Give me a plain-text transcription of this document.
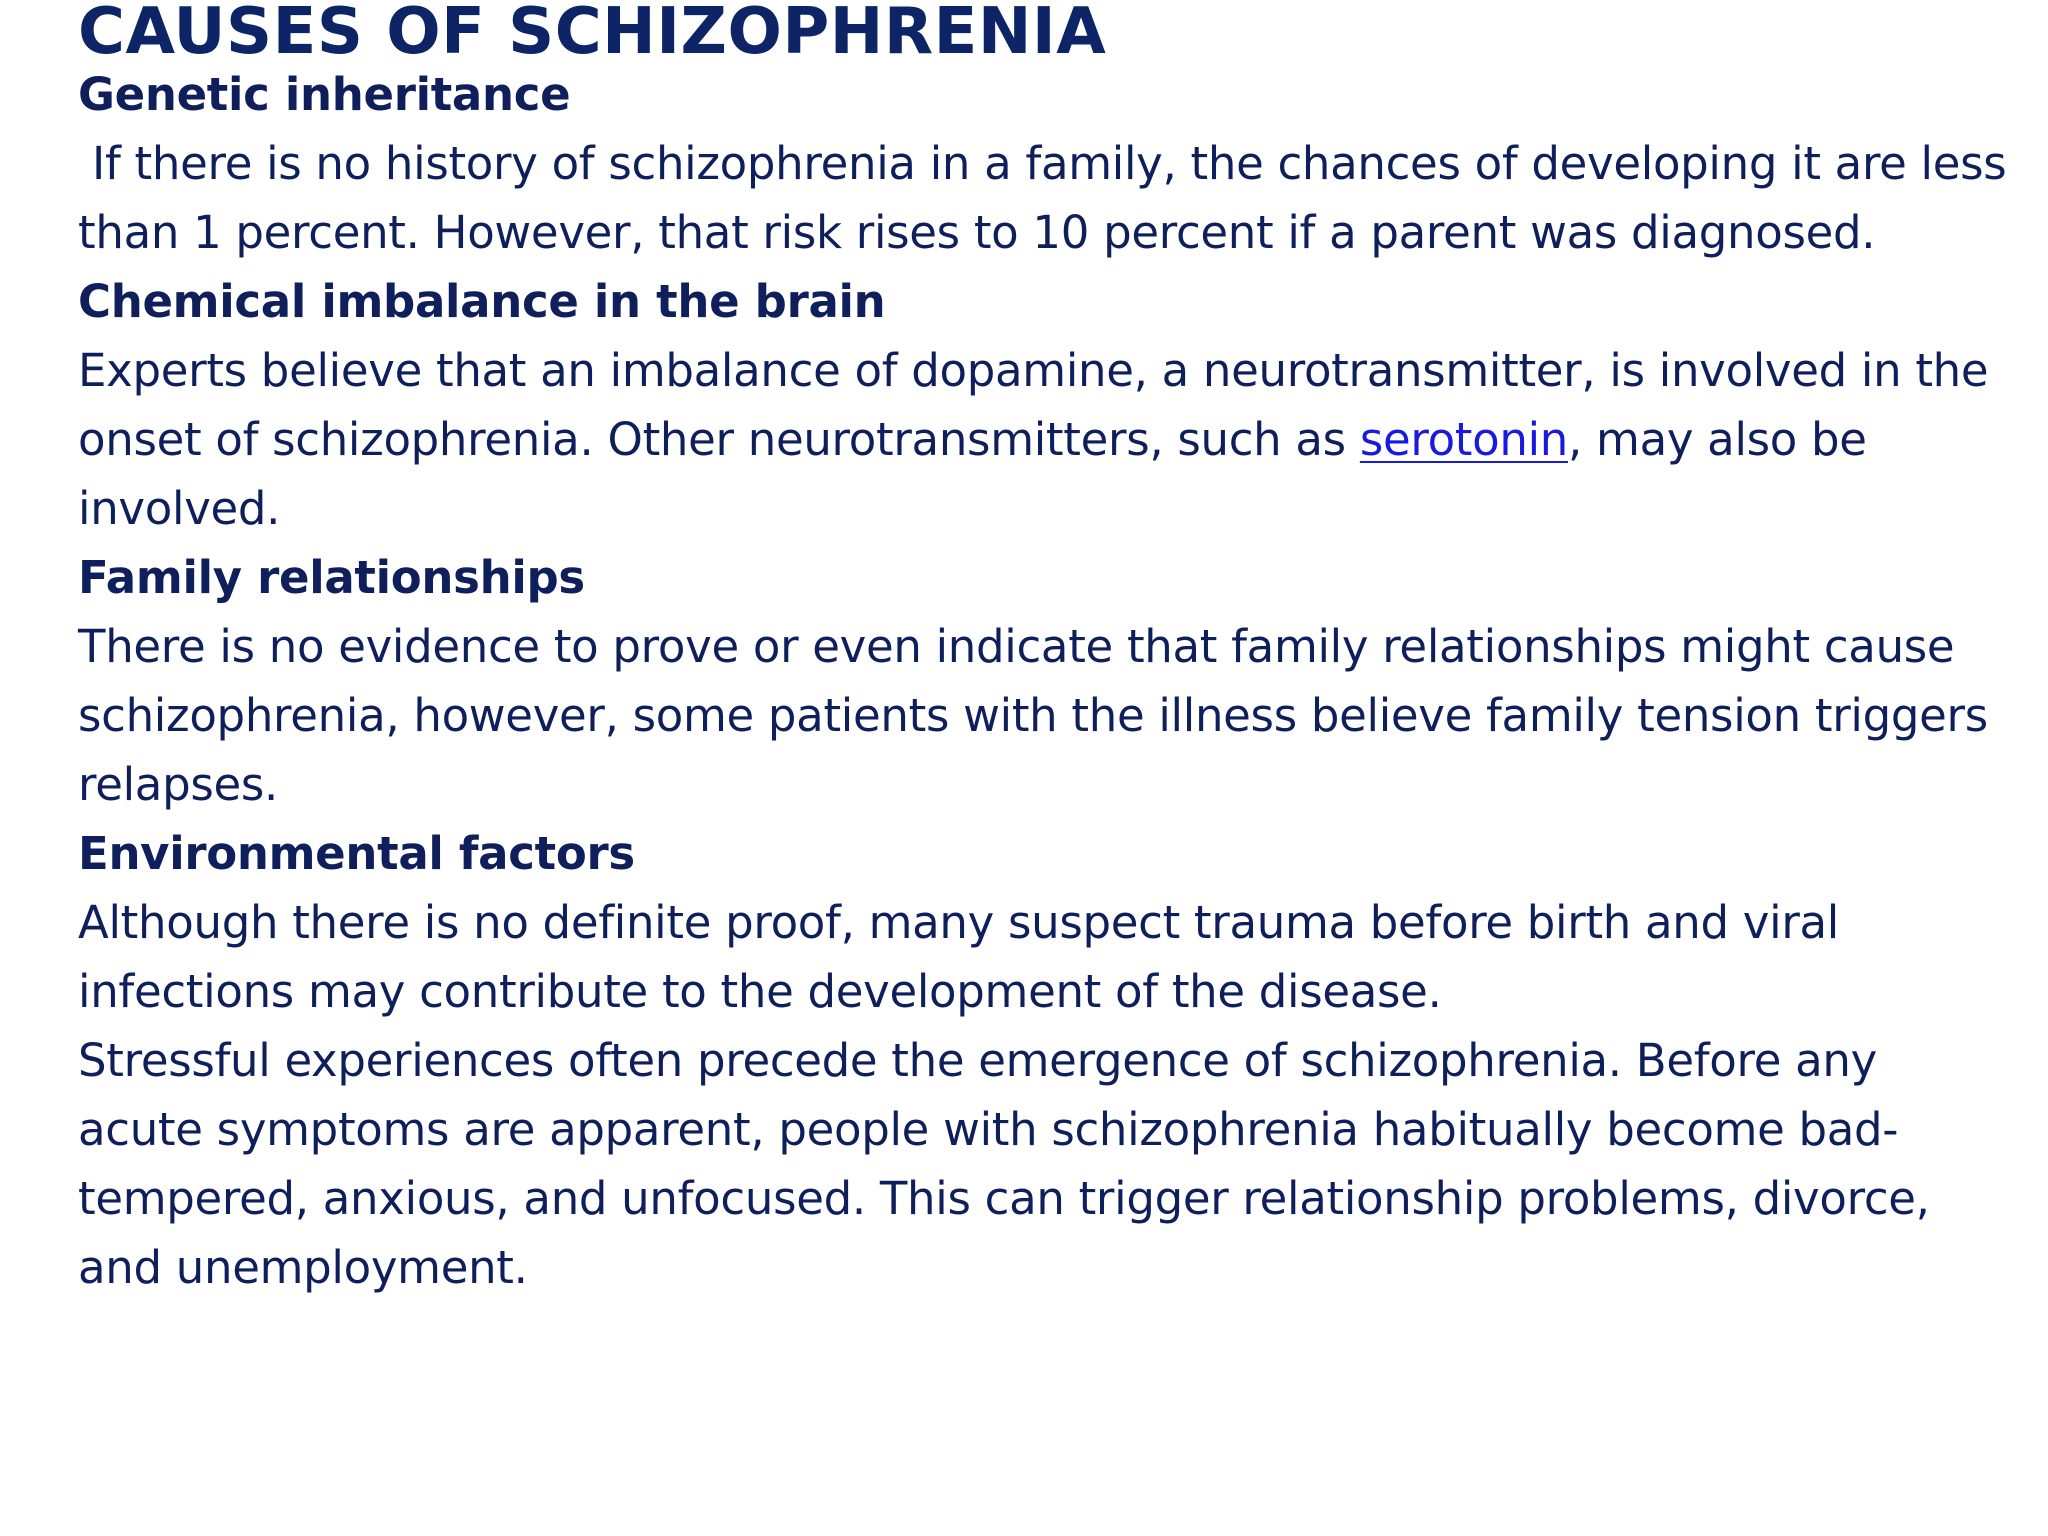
CAUSES OF SCHIZOPHRENIA

Genetic inheritance

If there is no history of schizophrenia in a family, the chances of developing it are less than 1 percent. However, that risk rises to 10 percent if a parent was diagnosed.

Chemical imbalance in the brain

Experts believe that an imbalance of dopamine, a neurotransmitter, is involved in the onset of schizophrenia. Other neurotransmitters, such as serotonin, may also be involved.

Family relationships

There is no evidence to prove or even indicate that family relationships might cause schizophrenia, however, some patients with the illness believe family tension triggers relapses.

Environmental factors

Although there is no definite proof, many suspect trauma before birth and viral infections may contribute to the development of the disease.

Stressful experiences often precede the emergence of schizophrenia. Before any acute symptoms are apparent, people with schizophrenia habitually become bad-tempered, anxious, and unfocused. This can trigger relationship problems, divorce, and unemployment.
